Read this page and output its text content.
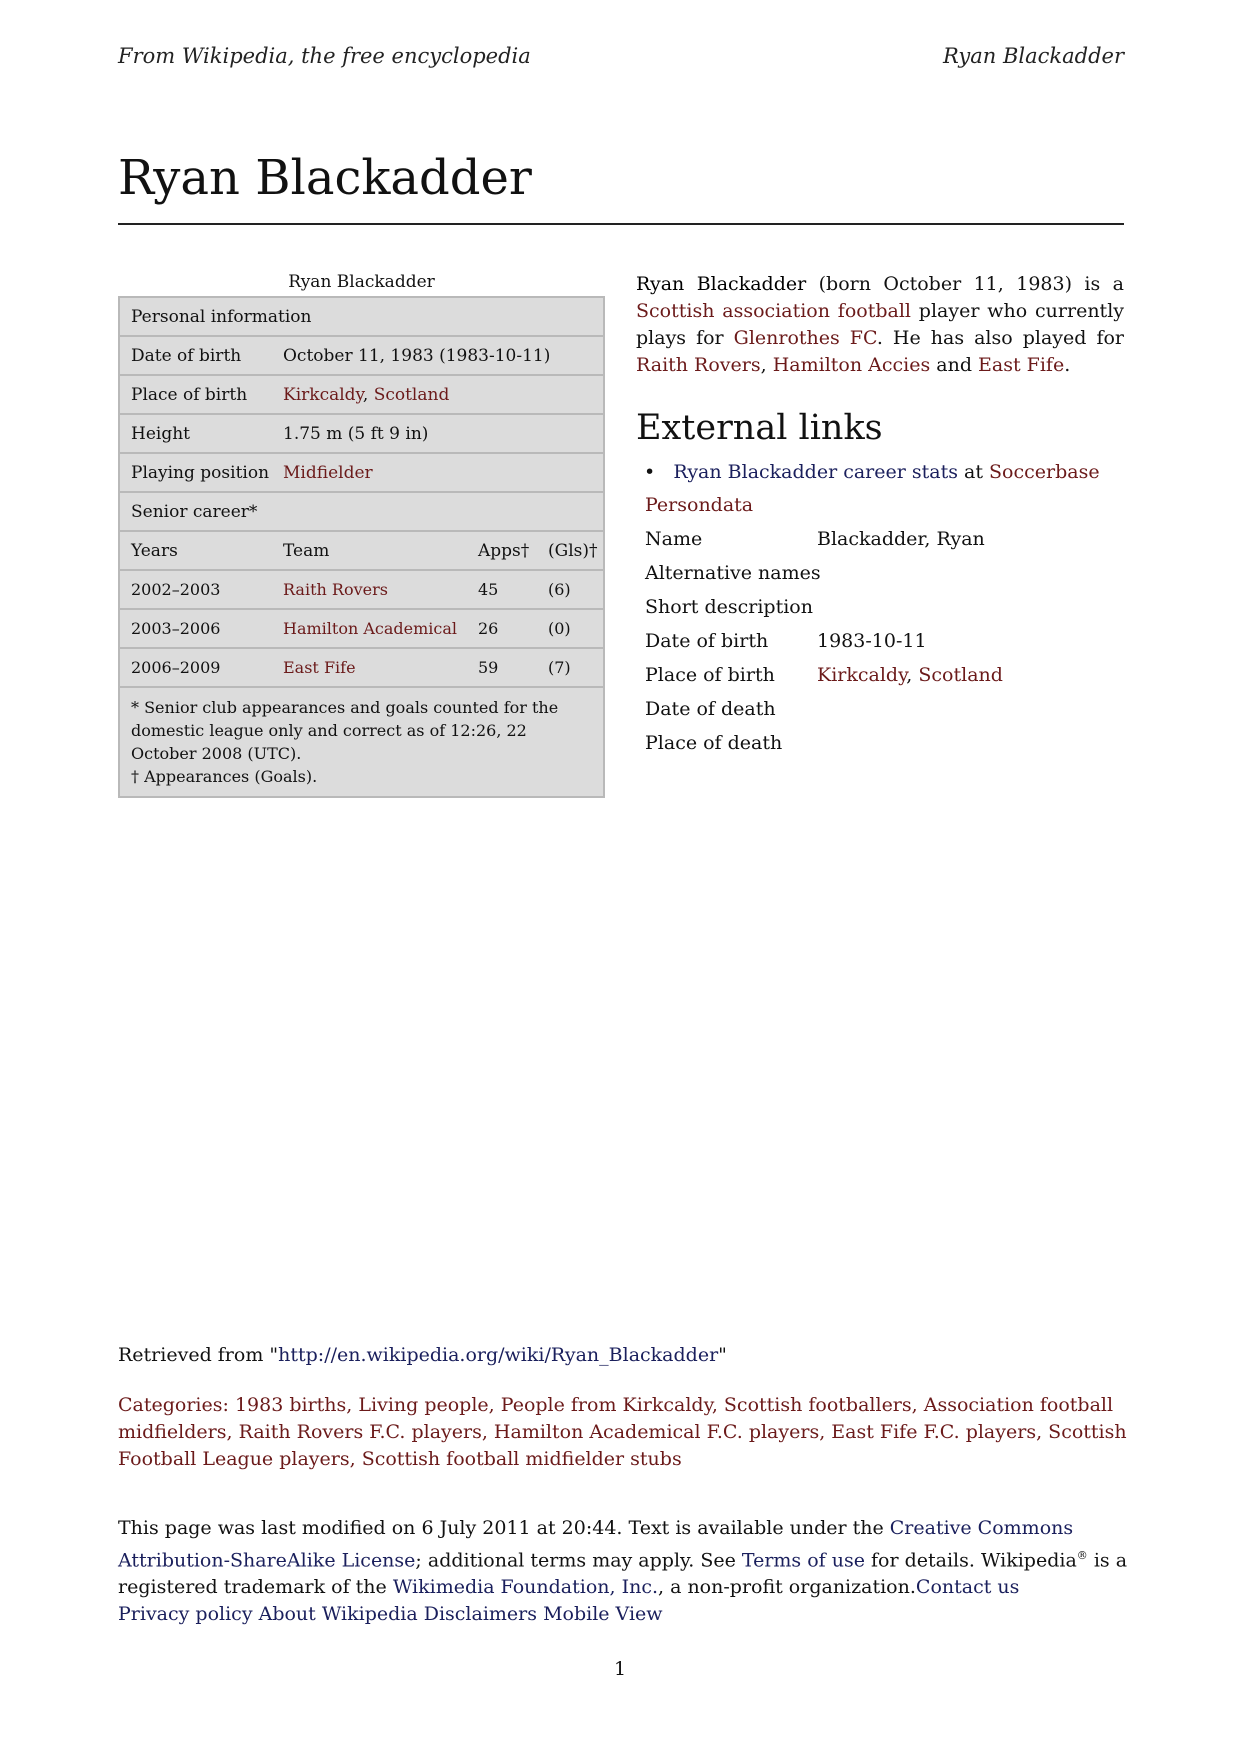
From Wikipedia, the free encyclopedia	Ryan Blackadder
Ryan Blackadder
Ryan Blackadder
Personal information
Date of birth October 11, 1983 (1983-10-11)
Place of birth Kirkcaldy, Scotland
Height	1.75 m (5 ft 9 in)
Playing position Midfielder
Senior career*
Years	Team	Apps† (Gls)†
2002–2003	Raith Rovers	45	(6)
2003–2006	Hamilton Academical 26	(0)
2006–2009	East Fife	59	(7)
* Senior club appearances and goals counted for the domestic league only and correct as of 12:26, 22 October 2008 (UTC).
† Appearances (Goals).
Ryan Blackadder (born October 11, 1983) is a Scottish association football player who currently plays for Glenrothes FC. He has also played for Raith Rovers, Hamilton Accies and East Fife.
External links
• Ryan Blackadder career stats at Soccerbase
Persondata
Name	Blackadder, Ryan
Alternative names
Short description
Date of birth	1983-10-11
Place of birth Kirkcaldy, Scotland
Date of death
Place of death
Retrieved from "http://en.wikipedia.org/wiki/Ryan_Blackadder"
Categories: 1983 births, Living people, People from Kirkcaldy, Scottish footballers, Association football midfielders, Raith Rovers F.C. players, Hamilton Academical F.C. players, East Fife F.C. players, Scottish Football League players, Scottish football midfielder stubs
This page was last modified on 6 July 2011 at 20:44. Text is available under the Creative Commons Attribution-ShareAlike License; additional terms may apply. See Terms of use for details. Wikipedia® is a registered trademark of the Wikimedia Foundation, Inc., a non-profit organization.Contact us
Privacy policy About Wikipedia Disclaimers Mobile View
1
